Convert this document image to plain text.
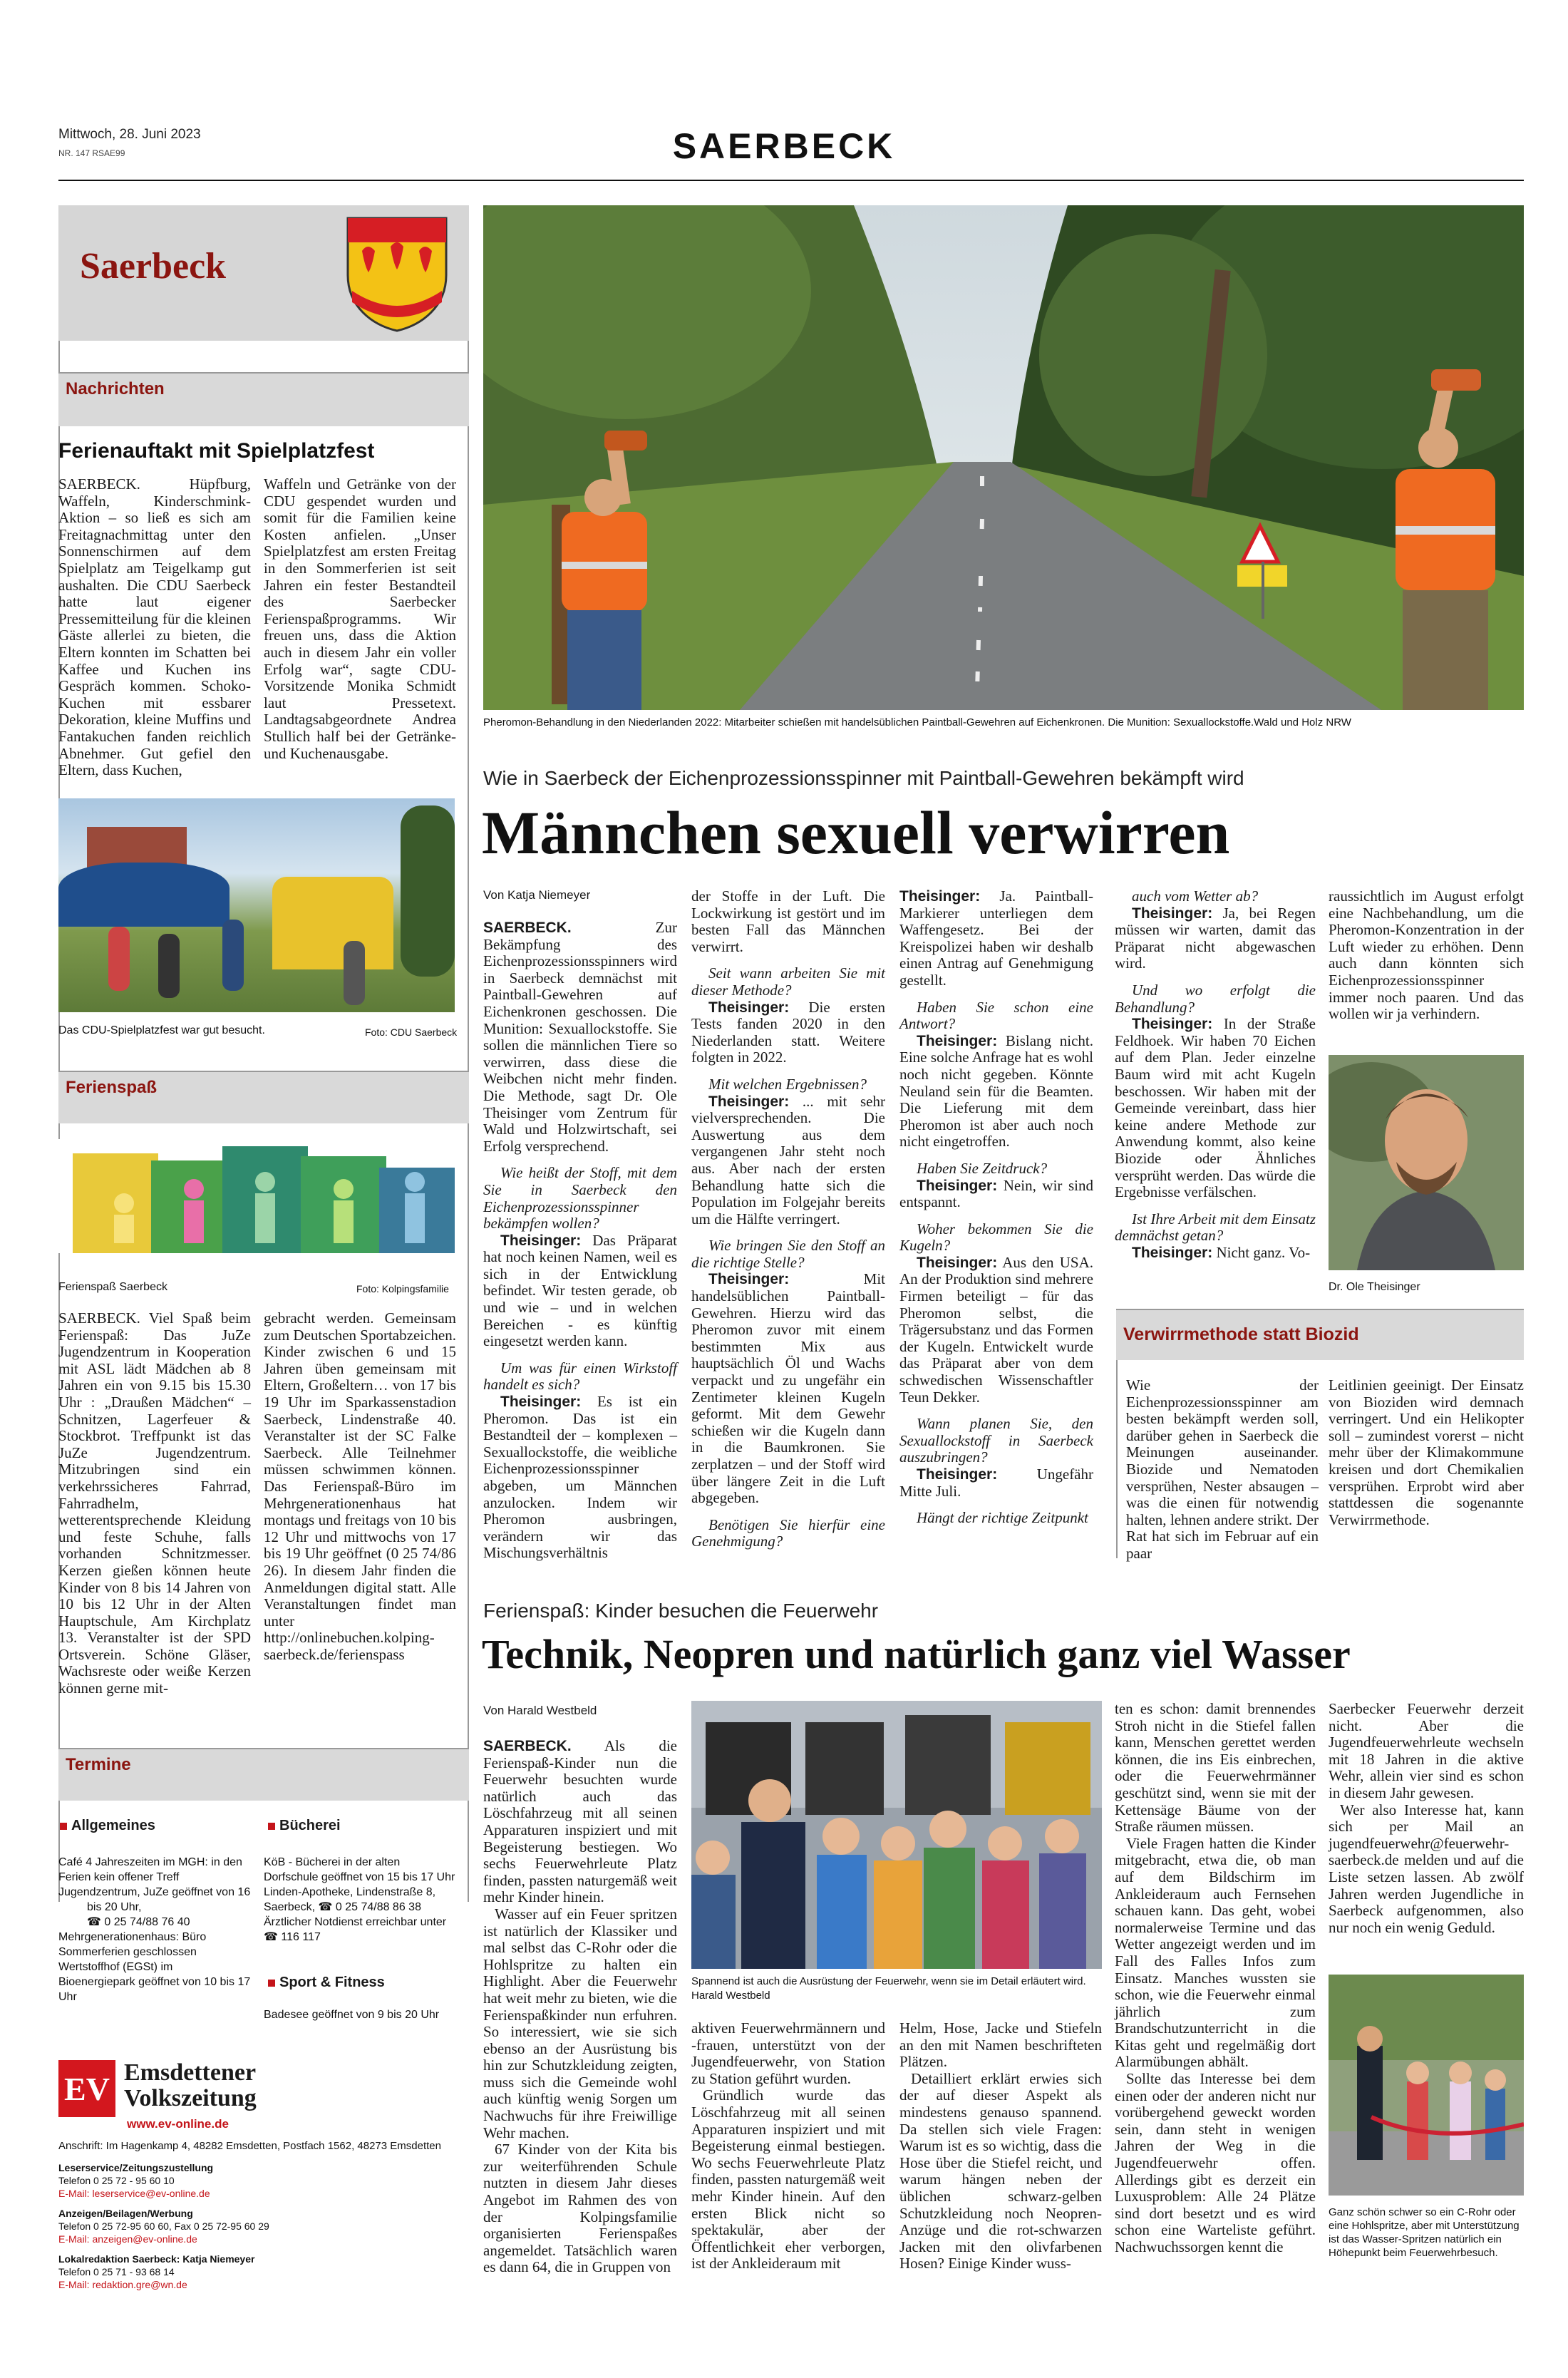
Mittwoch, 28. Juni 2023
NR. 147 RSAE99	SAERBECK
Saerbeck
Nachrichten
Ferienauftakt mit Spielplatzfest

SAERBECK. Hüpfburg, Waffeln, Kinderschmink-Aktion – so ließ es sich am Freitagnachmittag unter den Sonnenschirmen auf dem Spielplatz am Teigelkamp gut aushalten. Die CDU Saerbeck hatte laut eigener Pressemitteilung für die kleinen Gäste allerlei zu bieten, die Eltern konnten im Schatten bei Kaffee und Kuchen ins Gespräch kommen. Schoko-Kuchen mit essbarer Dekoration, kleine Muffins und Fantakuchen fanden reichlich Abnehmer. Gut gefiel den Eltern, dass Kuchen,

Waffeln und Getränke von der CDU gespendet wurden und somit für die Familien keine Kosten anfielen. „Unser Spielplatzfest am ersten Freitag in den Sommerferien ist seit Jahren ein fester Bestandteil des Saerbecker Ferienspaßprogramms. Wir freuen uns, dass die Aktion auch in diesem Jahr ein voller Erfolg war“, sagte CDU-Vorsitzende Monika Schmidt laut Pressetext. Landtagsabgeordnete Andrea Stullich half bei der Getränke- und Kuchenausgabe.

Das CDU-Spielplatzfest war gut besucht.	Foto: CDU Saerbeck
Ferienspaß
Ferienspaß Saerbeck	Foto: Kolpingsfamilie

SAERBECK. Viel Spaß beim Ferienspaß: Das JuZe Jugendzentrum in Kooperation mit ASL lädt Mädchen ab 8 Jahren ein von 9.15 bis 15.30 Uhr : „Draußen Mädchen“ – Schnitzen, Lagerfeuer & Stockbrot. Treffpunkt ist das JuZe Jugendzentrum. Mitzubringen sind ein verkehrssicheres Fahrrad, Fahrradhelm, wetterentsprechende Kleidung und feste Schuhe, falls vorhanden Schnitzmesser. Kerzen gießen können heute Kinder von 8 bis 14 Jahren von 10 bis 12 Uhr in der Alten Hauptschule, Am Kirchplatz 13. Veranstalter ist der SPD Ortsverein. Schöne Gläser, Wachsreste oder weiße Kerzen können gerne mit-

gebracht werden. Gemeinsam zum Deutschen Sportabzeichen. Kinder zwischen 6 und 15 Jahren üben gemeinsam mit Eltern, Großeltern… von 17 bis 19 Uhr im Sparkassenstadion Saerbeck, Lindenstraße 40. Veranstalter ist der SC Falke Saerbeck. Alle Teilnehmer müssen schwimmen können. Das Ferienspaß-Büro im Mehrgenerationenhaus hat montags und freitags von 10 bis 12 Uhr und mittwochs von 17 bis 19 Uhr geöffnet (0 25 74/86 26). In diesem Jahr finden die Anmeldungen digital statt. Alle Veranstaltungen findet man unter http://onlinebuchen.kolping-saerbeck.de/ferienspass

Termine
Allgemeines
Café 4 Jahreszeiten im MGH: in den Ferien kein offener Treff
Jugendzentrum, JuZe geöffnet von 16 bis 20 Uhr,
☎ 0 25 74/88 76 40
Mehrgenerationenhaus: Büro Sommerferien geschlossen
Wertstoffhof (EGSt) im Bioenergiepark geöffnet von 10 bis 17 Uhr
Bücherei
KöB - Bücherei in der alten Dorfschule geöffnet von 15 bis 17 Uhr
Linden-Apotheke, Lindenstraße 8, Saerbeck, ☎ 0 25 74/88 86 38
Ärztlicher Notdienst erreichbar unter ☎ 116 117
Sport & Fitness
Badesee geöffnet von 9 bis 20 Uhr
EV Emsdettener
Volkszeitung
www.ev-online.de
Anschrift: Im Hagenkamp 4, 48282 Emsdetten, Postfach 1562, 48273 Emsdetten
Leserservice/Zeitungszustellung
Telefon 0 25 72 - 95 60 10
E-Mail: leserservice@ev-online.de
Anzeigen/Beilagen/Werbung
Telefon 0 25 72-95 60 60, Fax 0 25 72-95 60 29
E-Mail: anzeigen@ev-online.de
Lokalredaktion Saerbeck: Katja Niemeyer
Telefon 0 25 71 - 93 68 14
E-Mail: redaktion.gre@wn.de
Pheromon-Behandlung in den Niederlanden 2022: Mitarbeiter schießen mit handelsüblichen Paintball-Gewehren auf Eichenkronen. Die Munition: Sexuallockstoffe.Wald und Holz NRW
Wie in Saerbeck der Eichenprozessionsspinner mit Paintball-Gewehren bekämpft wird
Männchen sexuell verwirren
Von Katja Niemeyer

SAERBECK.	Zur Bekämpfung des Eichenprozessionsspinners wird in Saerbeck demnächst mit Paintball-Gewehren auf Eichenkronen geschossen. Die Munition: Sexuallockstoffe. Sie sollen die männlichen Tiere so verwirren, dass diese die Weibchen nicht mehr finden. Die Methode, sagt Dr. Ole Theisinger vom Zentrum für Wald und Holzwirtschaft, sei Erfolg versprechend.

Wie heißt der Stoff, mit dem Sie in Saerbeck den Eichenprozessionsspinner bekämpfen wollen?

Theisinger: Das Präparat hat noch keinen Namen, weil es sich in der Entwicklung befindet. Wir testen gerade, ob und wie – und in welchen Bereichen - es künftig eingesetzt werden kann.

Um was für einen Wirkstoff handelt es sich?

Theisinger: Es ist ein Pheromon. Das ist ein Bestandteil der – komplexen – Sexuallockstoffe, die weibliche Eichenprozessionsspinner abgeben, um Männchen anzulocken. Indem wir Pheromon ausbringen, verändern wir das Mischungsverhältnis

der Stoffe in der Luft. Die Lockwirkung ist gestört und im besten Fall das Männchen verwirrt.

Seit wann arbeiten Sie mit dieser Methode?

Theisinger: Die ersten Tests fanden 2020 in den Niederlanden statt. Weitere folgten in 2022.

Mit welchen Ergebnissen?

Theisinger: ... mit sehr vielversprechenden. Die Auswertung aus dem vergangenen Jahr steht noch aus. Aber nach der ersten Behandlung hatte sich die Population im Folgejahr bereits um die Hälfte verringert.

Wie bringen Sie den Stoff an die richtige Stelle?

Theisinger:	Mit handelsüblichen Paintball-Gewehren. Hierzu wird das Pheromon zuvor mit einem bestimmten Mix aus hauptsächlich Öl und Wachs verpackt und zu ungefähr ein Zentimeter kleinen Kugeln geformt. Mit dem Gewehr schießen wir die Kugeln dann in die Baumkronen. Sie zerplatzen – und der Stoff wird über längere Zeit in die Luft abgegeben.

Benötigen Sie hierfür eine Genehmigung?

Theisinger: Ja. Paintball-Markierer unterliegen dem Waffengesetz. Bei der Kreispolizei haben wir deshalb einen Antrag auf Genehmigung gestellt.

Haben Sie schon eine Antwort?

Theisinger: Bislang nicht. Eine solche Anfrage hat es wohl noch nicht gegeben. Könnte Neuland sein für die Beamten. Die Lieferung mit dem Pheromon ist aber auch noch nicht eingetroffen.

Haben Sie Zeitdruck?

Theisinger: Nein, wir sind entspannt.

Woher bekommen Sie die Kugeln?

Theisinger: Aus den USA. An der Produktion sind mehrere Firmen beteiligt – für das Pheromon selbst, die Trägersubstanz und das Formen der Kugeln. Entwickelt wurde das Präparat aber von dem schwedischen Wissenschaftler Teun Dekker.

Wann planen Sie, den Sexuallockstoff in Saerbeck auszubringen?

Theisinger:	Ungefähr Mitte Juli.

Hängt der richtige Zeitpunkt

auch vom Wetter ab?

Theisinger: Ja, bei Regen müssen wir warten, damit das Präparat nicht abgewaschen wird.

Und wo erfolgt die Behandlung?

Theisinger: In der Straße Feldhoek. Wir haben 70 Eichen auf dem Plan. Jeder einzelne Baum wird mit acht Kugeln beschossen. Wir haben mit der Gemeinde vereinbart, dass hier keine andere Methode zur Anwendung kommt, also keine Biozide oder Ähnliches versprüht werden. Das würde die Ergebnisse verfälschen.

Ist Ihre Arbeit mit dem Einsatz demnächst getan?

Theisinger: Nicht ganz. Vo-

raussichtlich im August erfolgt eine Nachbehandlung, um die Pheromon-Konzentration in der Luft wieder zu erhöhen. Denn auch dann könnten sich Eichenprozessionsspinner immer noch paaren. Und das wollen wir ja verhindern.

Dr. Ole Theisinger
Verwirrmethode statt Biozid

Wie der Eichenprozessionsspinner am besten bekämpft werden soll, darüber gehen in Saerbeck die Meinungen auseinander. Biozide und Nematoden versprühen, Nester absaugen – was die einen für notwendig halten, lehnen andere strikt. Der Rat hat sich im Februar auf ein paar

Leitlinien geeinigt. Der Einsatz von Bioziden wird demnach verringert. Und ein Helikopter soll – zumindest vorerst – nicht mehr über der Klimakommune kreisen und dort Chemikalien versprühen. Erprobt wird aber stattdessen die sogenannte Verwirrmethode.

Ferienspaß: Kinder besuchen die Feuerwehr
Technik, Neopren und natürlich ganz viel Wasser
Von Harald Westbeld

SAERBECK. Als die Ferienspaß-Kinder nun die Feuerwehr besuchten wurde natürlich auch das Löschfahrzeug mit all seinen Apparaturen inspiziert und mit Begeisterung bestiegen. Wo sechs Feuerwehrleute Platz finden, passten naturgemäß weit mehr Kinder hinein.

Wasser auf ein Feuer spritzen ist natürlich der Klassiker und mal selbst das C-Rohr oder die Hohlspritze zu halten ein Highlight. Aber die Feuerwehr hat weit mehr zu bieten, wie die Ferienspaßkinder nun erfuhren. So interessiert, wie sie sich ebenso an der Ausrüstung bis hin zur Schutzkleidung zeigten, muss sich die Gemeinde wohl auch künftig wenig Sorgen um Nachwuchs für ihre Freiwillige Wehr machen.

67 Kinder von der Kita bis zur weiterführenden Schule nutzten in diesem Jahr dieses Angebot im Rahmen des von der Kolpingsfamilie organisierten Ferienspaßes angemeldet. Tatsächlich waren es dann 64, die in Gruppen von

Spannend ist auch die Ausrüstung der Feuerwehr, wenn sie im Detail erläutert wird. Harald Westbeld

aktiven Feuerwehrmännern und -frauen, unterstützt von der Jugendfeuerwehr, von Station zu Station geführt wurden.

Gründlich wurde das Löschfahrzeug mit all seinen Apparaturen inspiziert und mit Begeisterung einmal bestiegen. Wo sechs Feuerwehrleute Platz finden, passten naturgemäß weit mehr Kinder hinein. Auf den ersten Blick nicht so spektakulär, aber der Öffentlichkeit eher verborgen, ist der Ankleideraum mit

Helm, Hose, Jacke und Stiefeln an den mit Namen beschrifteten Plätzen.

Detailliert erklärt erwies sich der auf dieser Aspekt als mindestens genauso spannend. Da stellen sich viele Fragen: Warum ist es so wichtig, dass die Hose über die Stiefel reicht, und warum hängen neben der üblichen schwarz-gelben Schutzkleidung noch Neopren-Anzüge und die rot-schwarzen Jacken mit den olivfarbenen Hosen? Einige Kinder wuss-

ten es schon: damit brennendes Stroh nicht in die Stiefel fallen kann, Menschen gerettet werden können, die ins Eis einbrechen, oder die Feuerwehrmänner geschützt sind, wenn sie mit der Kettensäge Bäume von der Straße räumen müssen.

Viele Fragen hatten die Kinder mitgebracht, etwa die, ob man auf dem Bildschirm im Ankleideraum auch Fernsehen schauen kann. Das geht, wobei normalerweise Termine und das Wetter angezeigt werden und im Fall des Falles Infos zum Einsatz. Manches wussten sie schon, wie die Feuerwehr einmal jährlich zum Brandschutzunterricht in die Kitas geht und regelmäßig dort Alarmübungen abhält.

Sollte das Interesse bei dem einen oder der anderen nicht nur vorübergehend geweckt worden sein, dann steht in wenigen Jahren der Weg in die Jugendfeuerwehr offen. Allerdings gibt es derzeit ein Luxusproblem: Alle 24 Plätze sind dort besetzt und es wird schon eine Warteliste geführt. Nachwuchssorgen kennt die

Saerbecker Feuerwehr derzeit nicht. Aber die Jugendfeuerwehrleute wechseln mit 18 Jahren in die aktive Wehr, allein vier sind es schon in diesem Jahr gewesen.

Wer also Interesse hat, kann sich per Mail an jugendfeuerwehr@feuerwehr-saerbeck.de melden und auf die Liste setzen lassen. Ab zwölf Jahren werden Jugendliche in Saerbeck aufgenommen, also nur noch ein wenig Geduld.

Ganz schön schwer so ein C-Rohr oder eine Hohlspritze, aber mit Unterstützung ist das Wasser-Spritzen natürlich ein Höhepunkt beim Feuerwehrbesuch.
